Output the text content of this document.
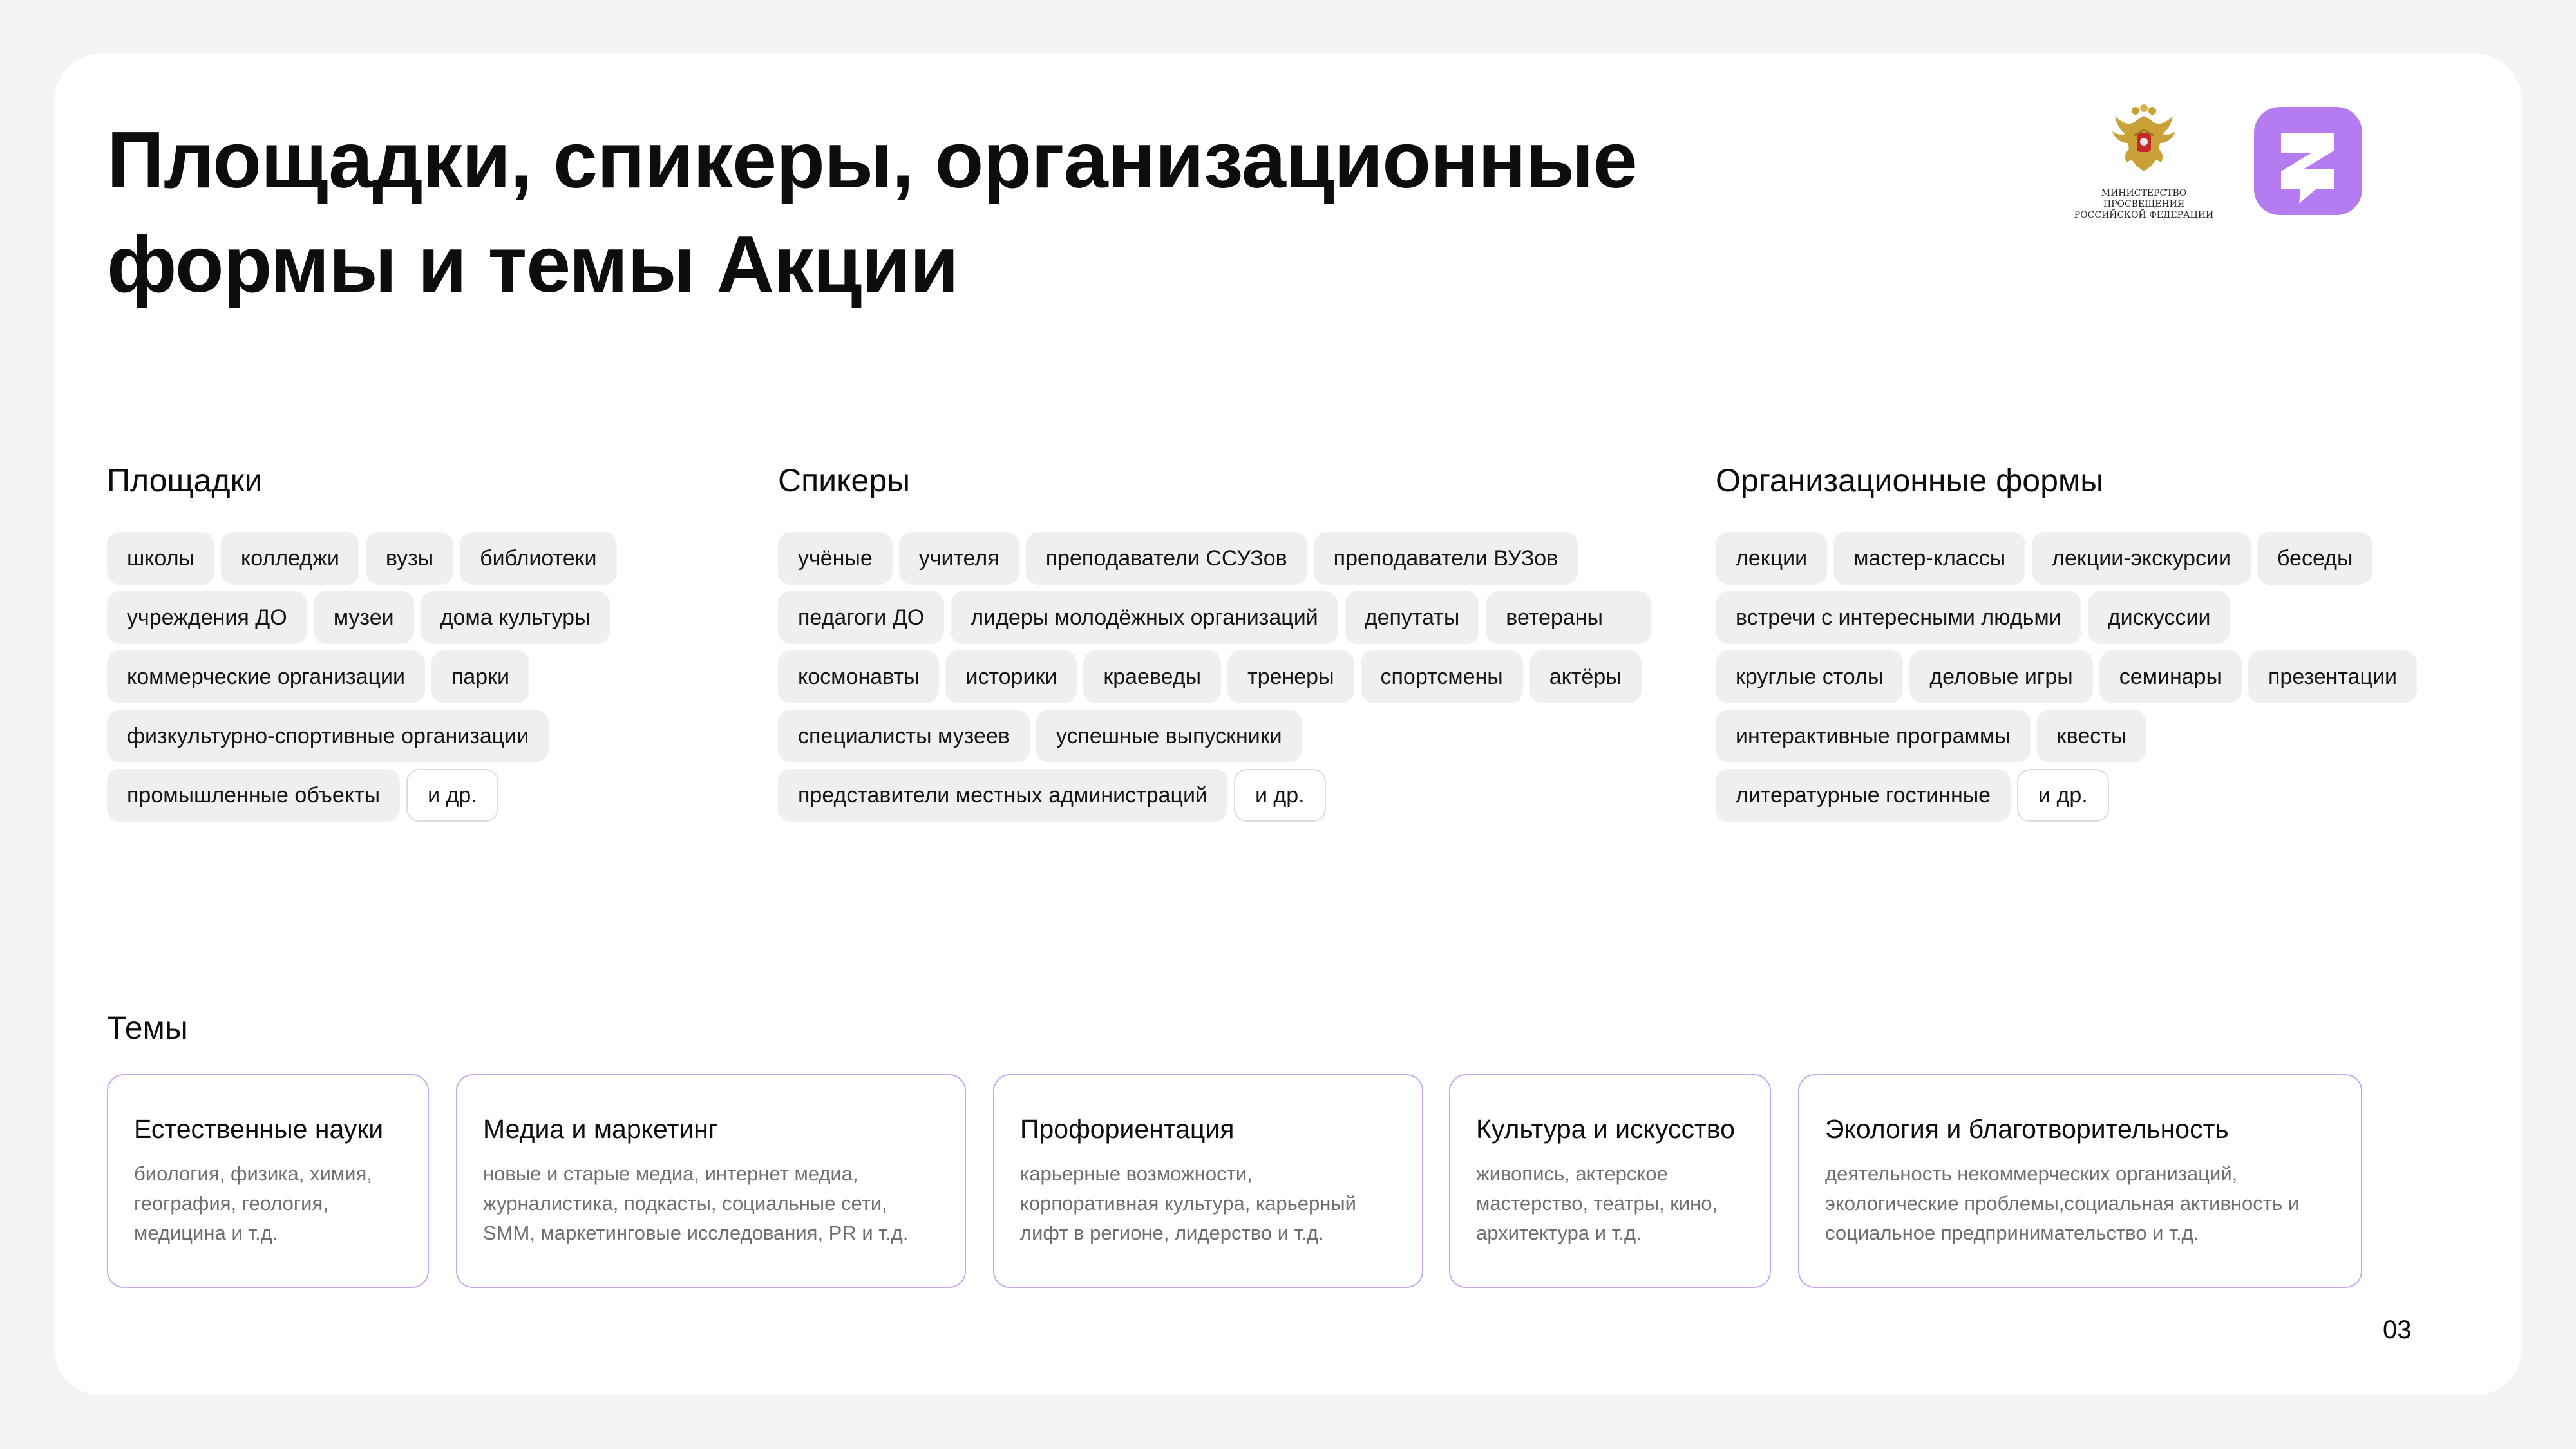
Площадки, спикеры, организационные
формы и темы Акции
МИНИСТЕРСТВО ПРОСВЕЩЕНИЯ
РОССИЙСКОЙ ФЕДЕРАЦИИ
Площадки
школы	колледжи	вузы	библиотеки
учреждения ДО	музеи	дома культуры
коммерческие организации	парки
физкультурно-спортивные организации
промышленные объекты	и др.
Спикеры
учёные	учителя	преподаватели ССУЗов	преподаватели ВУЗов
педагоги ДО	лидеры молодёжных организаций	депутаты	ветераны
космонавты	историки	краеведы	тренеры	спортсмены	актёры
специалисты музеев	успешные выпускники
представители местных администраций	и др.
Организационные формы
лекции	мастер-классы	лекции-экскурсии	беседы
встречи с интересными людьми	дискуссии
круглые столы	деловые игры	семинары	презентации
интерактивные программы	квесты
литературные гостинные	и др.
Темы
Естественные науки

биология, физика, химия, география, геология, медицина и т.д.

Медиа и маркетинг

новые и старые медиа, интернет медиа, журналистика, подкасты, социальные сети, SMM, маркетинговые исследования, PR и т.д.

Профориентация

карьерные возможности, корпоративная культура, карьерный лифт в регионе, лидерство и т.д.

Культура и искусство

живопись, актерское мастерство, театры, кино, архитектура и т.д.

Экология и благотворительность

деятельность некоммерческих организаций, экологические проблемы,социальная активность и социальное предпринимательство и т.д.

03
